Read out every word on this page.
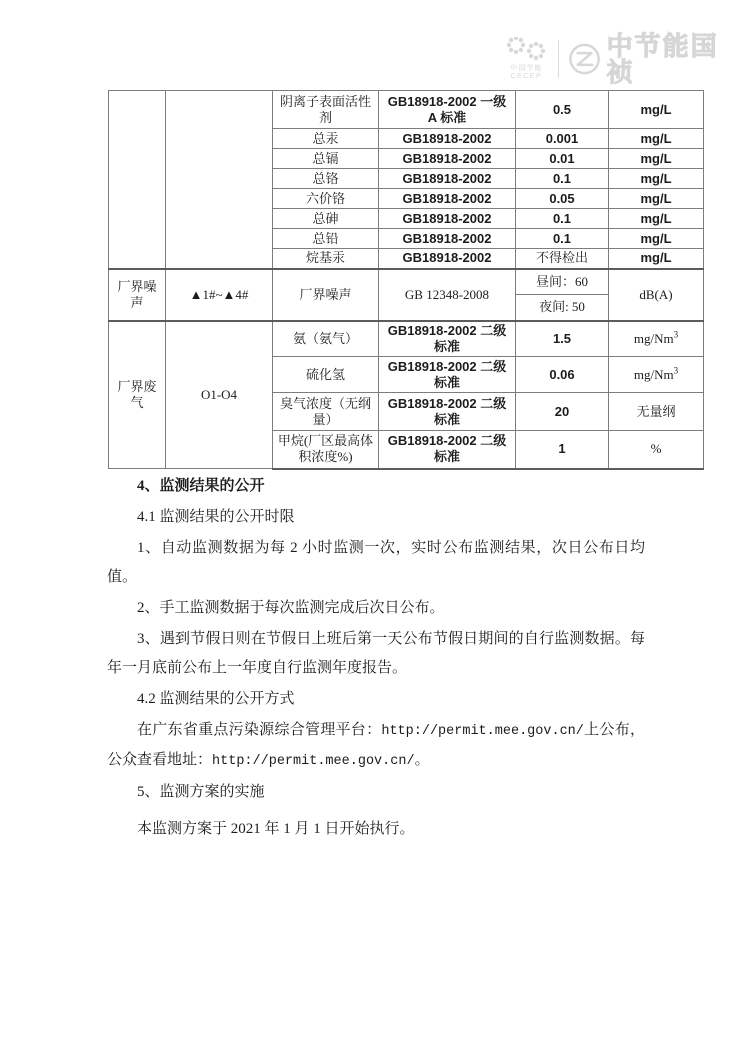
中国节能
CECEP
中节能国祯
		阴离子表面活性剂	GB18918-2002 一级 A 标准	0.5	mg/L
		总汞	GB18918-2002	0.001	mg/L
		总镉	GB18918-2002	0.01	mg/L
		总铬	GB18918-2002	0.1	mg/L
		六价铬	GB18918-2002	0.05	mg/L
		总砷	GB18918-2002	0.1	mg/L
		总铅	GB18918-2002	0.1	mg/L
		烷基汞	GB18918-2002	不得检出	mg/L
厂界噪声	▲1#~▲4#	厂界噪声	GB 12348-2008	昼间：60	dB(A)
				夜间: 50	
厂界废气	O1-O4	氨（氨气）	GB18918-2002 二级标准	1.5	mg/Nm$^3$
		硫化氢	GB18918-2002 二级标准	0.06	mg/Nm$^3$
		臭气浓度（无纲量）	GB18918-2002 二级标准	20	无量纲
		甲烷(厂区最高体积浓度%)	GB18918-2002 二级标准	1	%

4、监测结果的公开

4.1 监测结果的公开时限

1、自动监测数据为每 2 小时监测一次，实时公布监测结果，次日公布日均值。

2、手工监测数据于每次监测完成后次日公布。

3、遇到节假日则在节假日上班后第一天公布节假日期间的自行监测数据。每年一月底前公布上一年度自行监测年度报告。

4.2 监测结果的公开方式

在广东省重点污染源综合管理平台：http://permit.mee.gov.cn/上公布，公众查看地址：http://permit.mee.gov.cn/。

5、监测方案的实施

本监测方案于 2021 年 1 月 1 日开始执行。
